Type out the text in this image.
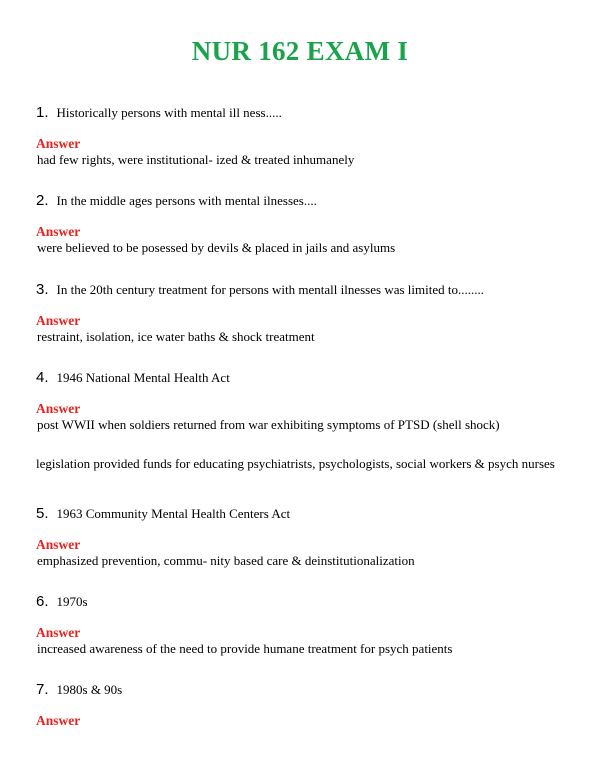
NUR 162 EXAM I
1. Historically persons with mental ill ness.....
Answer
had few rights, were institutional- ized & treated inhumanely
2. In the middle ages persons with mental ilnesses....
Answer
were believed to be posessed by devils & placed in jails and asylums
3. In the 20th century treatment for persons with mentall ilnesses was limited to........
Answer
restraint, isolation, ice water baths & shock treatment
4. 1946 National Mental Health Act
Answer
post WWII when soldiers returned from war exhibiting symptoms of PTSD (shell shock)
legislation provided funds for educating psychiatrists, psychologists, social workers & psych nurses
5. 1963 Community Mental Health Centers Act
Answer
emphasized prevention, commu- nity based care & deinstitutionalization
6. 1970s
Answer
increased awareness of the need to provide humane treatment for psych patients
7. 1980s & 90s
Answer
